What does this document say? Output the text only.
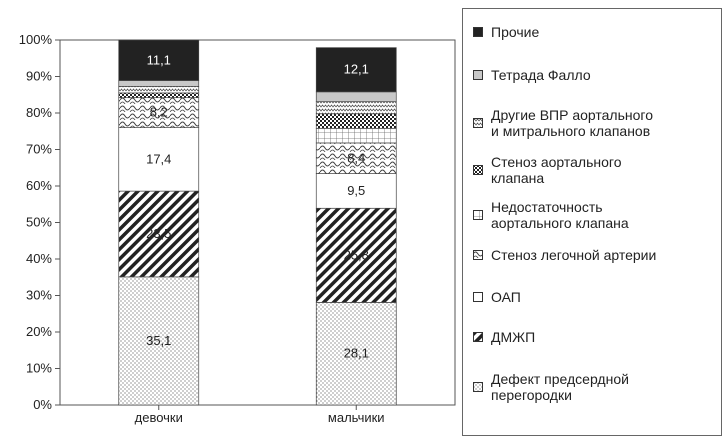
0%
10%
20%
30%
40%
50%
60%
70%
80%
90%
100%
девочки	мальчики
35,1
23,5
17,4
8,2
11,1
28,1
25,8
9,5
8,4
12,1
Прочие
Тетрада Фалло
Другие ВПР аортального
и митрального клапанов
Стеноз аортального
клапана
Недостаточность
аортального клапана
Стеноз легочной артерии
ОАП
ДМЖП
Дефект предсердной
перегородки
